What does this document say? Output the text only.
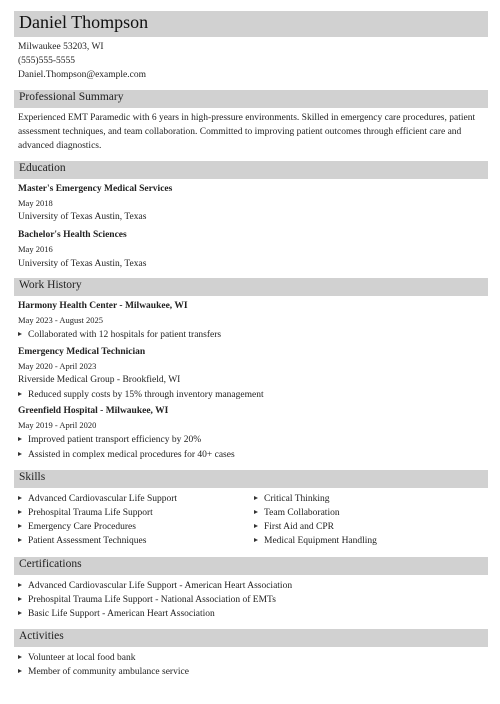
Daniel Thompson
Milwaukee 53203, WI
(555)555-5555
Daniel.Thompson@example.com
Professional Summary
Experienced EMT Paramedic with 6 years in high-pressure environments. Skilled in emergency care procedures, patient assessment techniques, and team collaboration. Committed to improving patient outcomes through efficient care and advanced diagnostics.
Education
Master's Emergency Medical Services
May 2018
University of Texas Austin, Texas
Bachelor's Health Sciences
May 2016
University of Texas Austin, Texas
Work History
Harmony Health Center - Milwaukee, WI
May 2023 - August 2025
Collaborated with 12 hospitals for patient transfers
Emergency Medical Technician
May 2020 - April 2023
Riverside Medical Group - Brookfield, WI
Reduced supply costs by 15% through inventory management
Greenfield Hospital - Milwaukee, WI
May 2019 - April 2020
Improved patient transport efficiency by 20%
Assisted in complex medical procedures for 40+ cases
Skills
Advanced Cardiovascular Life Support
Prehospital Trauma Life Support
Emergency Care Procedures
Patient Assessment Techniques
Critical Thinking
Team Collaboration
First Aid and CPR
Medical Equipment Handling
Certifications
Advanced Cardiovascular Life Support - American Heart Association
Prehospital Trauma Life Support - National Association of EMTs
Basic Life Support - American Heart Association
Activities
Volunteer at local food bank
Member of community ambulance service
